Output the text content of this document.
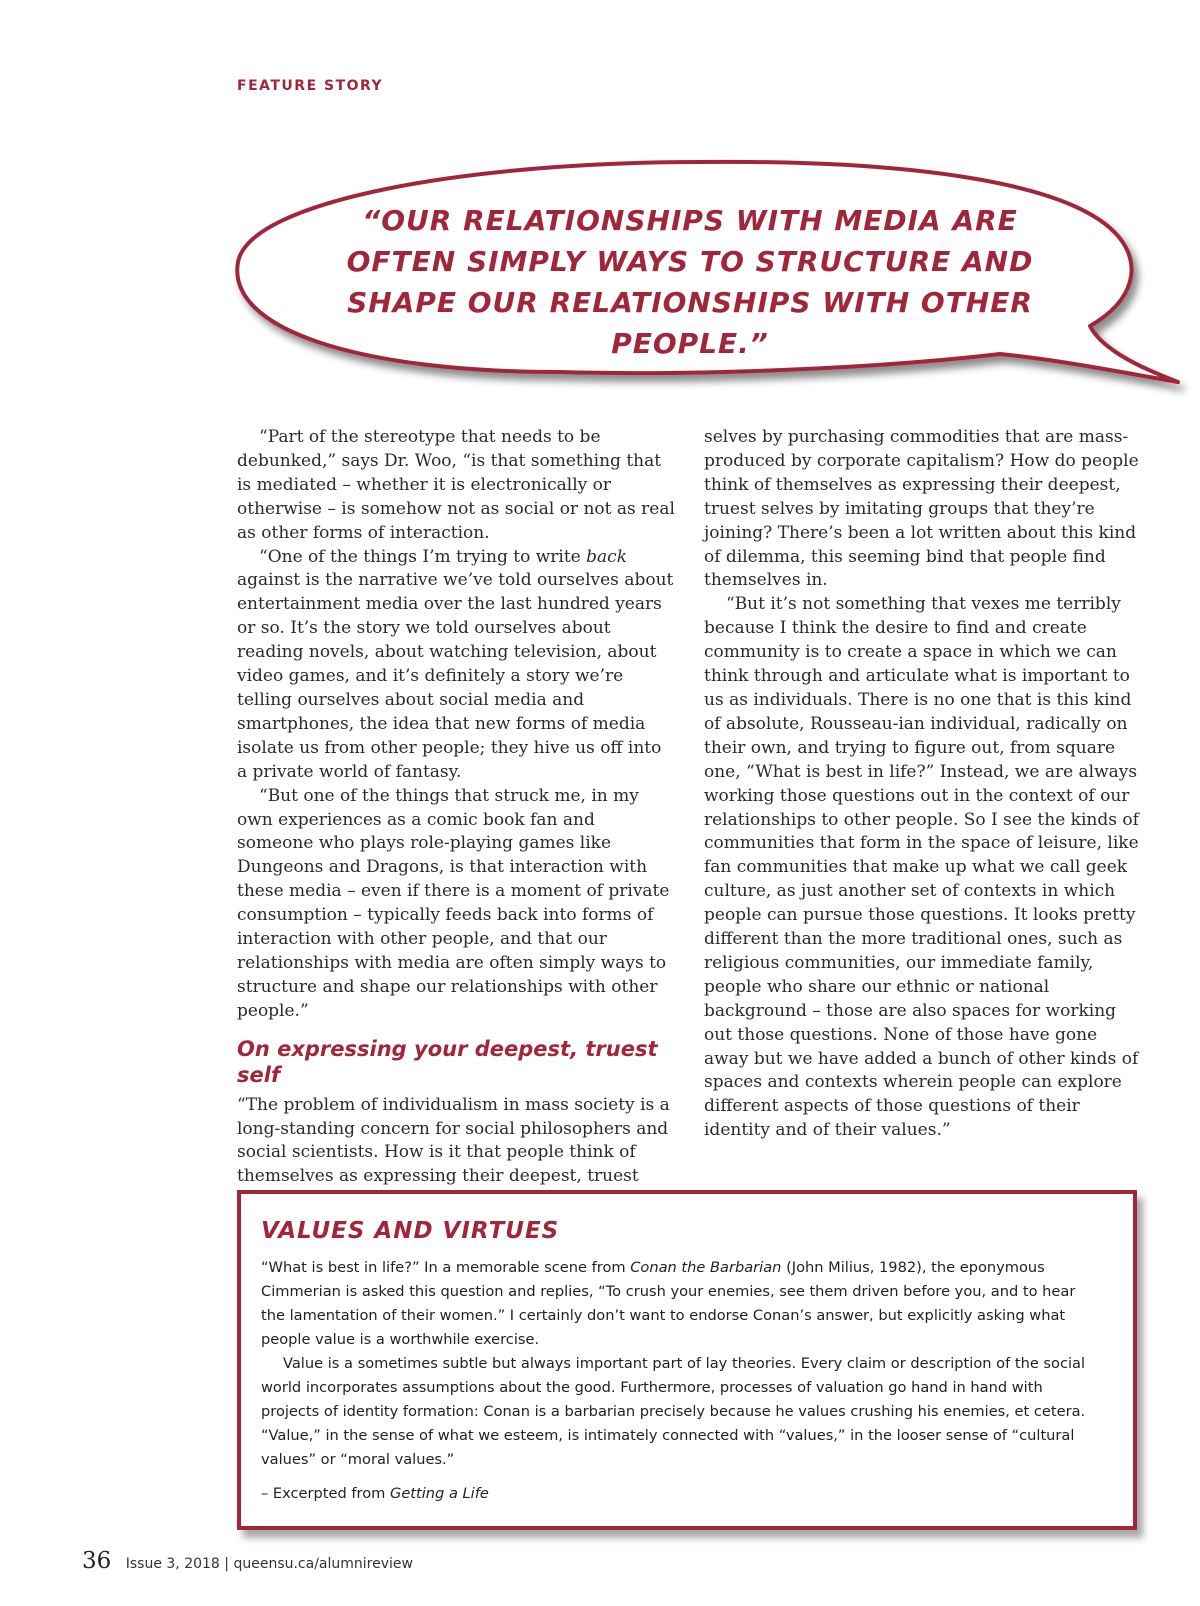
FEATURE STORY
“OUR RELATIONSHIPS WITH MEDIA ARE OFTEN SIMPLY WAYS TO STRUCTURE AND SHAPE OUR RELATIONSHIPS WITH OTHER PEOPLE.”

“Part of the stereotype that needs to be debunked,” says Dr. Woo, “is that something that is mediated – whether it is electronically or otherwise – is somehow not as social or not as real as other forms of interaction.

“One of the things I’m trying to write back against is the narrative we’ve told ourselves about entertainment media over the last hundred years or so. It’s the story we told ourselves about reading novels, about watching television, about video games, and it’s definitely a story we’re telling ourselves about social media and smartphones, the idea that new forms of media isolate us from other people; they hive us off into a private world of fantasy.

“But one of the things that struck me, in my own experiences as a comic book fan and someone who plays role-playing games like Dungeons and Dragons, is that interaction with these media – even if there is a moment of private consumption – typically feeds back into forms of interaction with other people, and that our relationships with media are often simply ways to structure and shape our relationships with other people.”

On expressing your deepest, truest self

“The problem of individualism in mass society is a long-standing concern for social philosophers and social scientists. How is it that people think of themselves as expressing their deepest, truest

selves by purchasing commodities that are mass-produced by corporate capitalism? How do people think of themselves as expressing their deepest, truest selves by imitating groups that they’re joining? There’s been a lot written about this kind of dilemma, this seeming bind that people find themselves in.

“But it’s not something that vexes me terribly because I think the desire to find and create community is to create a space in which we can think through and articulate what is important to us as individuals. There is no one that is this kind of absolute, Rousseau-ian individual, radically on their own, and trying to figure out, from square one, “What is best in life?” Instead, we are always working those questions out in the context of our relationships to other people. So I see the kinds of communities that form in the space of leisure, like fan communities that make up what we call geek culture, as just another set of contexts in which people can pursue those questions. It looks pretty different than the more traditional ones, such as religious communities, our immediate family, people who share our ethnic or national background – those are also spaces for working out those questions. None of those have gone away but we have added a bunch of other kinds of spaces and contexts wherein people can explore different aspects of those questions of their identity and of their values.”

VALUES AND VIRTUES

“What is best in life?” In a memorable scene from Conan the Barbarian (John Milius, 1982), the eponymous Cimmerian is asked this question and replies, “To crush your enemies, see them driven before you, and to hear the lamentation of their women.” I certainly don’t want to endorse Conan’s answer, but explicitly asking what people value is a worthwhile exercise.

Value is a sometimes subtle but always important part of lay theories. Every claim or description of the social world incorporates assumptions about the good. Furthermore, processes of valuation go hand in hand with projects of identity formation: Conan is a barbarian precisely because he values crushing his enemies, et cetera. “Value,” in the sense of what we esteem, is intimately connected with “values,” in the looser sense of “cultural values” or “moral values.”

– Excerpted from Getting a Life

36 Issue 3, 2018 | queensu.ca/alumnireview
